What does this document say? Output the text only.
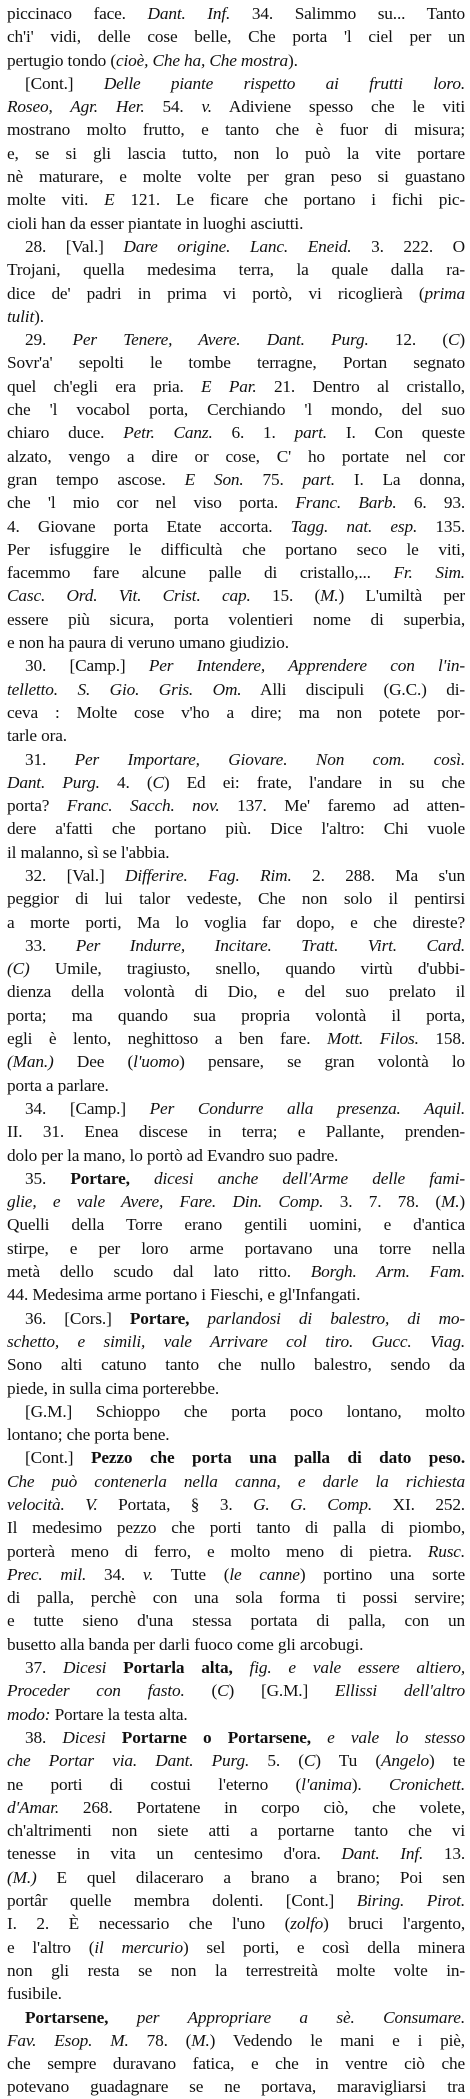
piccinaco face. Dant. Inf. 34. Salimmo su... Tanto
ch'i' vidi, delle cose belle, Che porta 'l ciel per un
pertugio tondo (cioè, Che ha, Che mostra).
[Cont.] Delle piante rispetto ai frutti loro.
Roseo, Agr. Her. 54. v. Adiviene spesso che le viti
mostrano molto frutto, e tanto che è fuor di misura;
e, se si gli lascia tutto, non lo può la vite portare
nè maturare, e molte volte per gran peso si guastano
molte viti. E 121. Le ficare che portano i fichi pic-
cioli han da esser piantate in luoghi asciutti.
28. [Val.] Dare origine. Lanc. Eneid. 3. 222. O
Trojani, quella medesima terra, la quale dalla ra-
dice de' padri in prima vi portò, vi ricoglierà (prima
tulit).
29. Per Tenere, Avere. Dant. Purg. 12. (C)
Sovr'a' sepolti le tombe terragne, Portan segnato
quel ch'egli era pria. E Par. 21. Dentro al cristallo,
che 'l vocabol porta, Cerchiando 'l mondo, del suo
chiaro duce. Petr. Canz. 6. 1. part. I. Con queste
alzato, vengo a dire or cose, C' ho portate nel cor
gran tempo ascose. E Son. 75. part. I. La donna,
che 'l mio cor nel viso porta. Franc. Barb. 6. 93.
4. Giovane porta Etate accorta. Tagg. nat. esp. 135.
Per isfuggire le difficultà che portano seco le viti,
facemmo fare alcune palle di cristallo,... Fr. Sim.
Casc. Ord. Vit. Crist. cap. 15. (M.) L'umiltà per
essere più sicura, porta volentieri nome di superbia,
e non ha paura di veruno umano giudizio.
30. [Camp.] Per Intendere, Apprendere con l'in-
telletto. S. Gio. Gris. Om. Alli discipuli (G.C.) di-
ceva : Molte cose v'ho a dire; ma non potete por-
tarle ora.
31. Per Importare, Giovare. Non com. così.
Dant. Purg. 4. (C) Ed ei: frate, l'andare in su che
porta? Franc. Sacch. nov. 137. Me' faremo ad atten-
dere a'fatti che portano più. Dice l'altro: Chi vuole
il malanno, sì se l'abbia.
32. [Val.] Differire. Fag. Rim. 2. 288. Ma s'un
peggior di lui talor vedeste, Che non solo il pentirsi
a morte porti, Ma lo voglia far dopo, e che direste?
33. Per Indurre, Incitare. Tratt. Virt. Card.
(C) Umile, tragiusto, snello, quando virtù d'ubbi-
dienza della volontà di Dio, e del suo prelato il
porta; ma quando sua propria volontà il porta,
egli è lento, neghittoso a ben fare. Mott. Filos. 158.
(Man.) Dee (l'uomo) pensare, se gran volontà lo
porta a parlare.
34. [Camp.] Per Condurre alla presenza. Aquil.
II. 31. Enea discese in terra; e Pallante, prenden-
dolo per la mano, lo portò ad Evandro suo padre.
35. Portare, dicesi anche dell'Arme delle fami-
glie, e vale Avere, Fare. Din. Comp. 3. 7. 78. (M.)
Quelli della Torre erano gentili uomini, e d'antica
stirpe, e per loro arme portavano una torre nella
metà dello scudo dal lato ritto. Borgh. Arm. Fam.
44. Medesima arme portano i Fieschi, e gl'Infangati.
36. [Cors.] Portare, parlandosi di balestro, di mo-
schetto, e simili, vale Arrivare col tiro. Gucc. Viag.
Sono alti catuno tanto che nullo balestro, sendo da
piede, in sulla cima porterebbe.
[G.M.] Schioppo che porta poco lontano, molto
lontano; che porta bene.
[Cont.] Pezzo che porta una palla di dato peso.
Che può contenerla nella canna, e darle la richiesta
velocità. V. Portata, § 3. G. G. Comp. XI. 252.
Il medesimo pezzo che porti tanto di palla di piombo,
porterà meno di ferro, e molto meno di pietra. Rusc.
Prec. mil. 34. v. Tutte (le canne) portino una sorte
di palla, perchè con una sola forma ti possi servire;
e tutte sieno d'una stessa portata di palla, con un
busetto alla banda per darli fuoco come gli arcobugi.
37. Dicesi Portarla alta, fig. e vale essere altiero,
Proceder con fasto. (C) [G.M.] Ellissi dell'altro
modo: Portare la testa alta.
38. Dicesi Portarne o Portarsene, e vale lo stesso
che Portar via. Dant. Purg. 5. (C) Tu (Angelo) te
ne porti di costui l'eterno (l'anima). Cronichett.
d'Amar. 268. Portatene in corpo ciò, che volete,
ch'altrimenti non siete atti a portarne tanto che vi
tenesse in vita un centesimo d'ora. Dant. Inf. 13.
(M.) E quel dilaceraro a brano a brano; Poi sen
portâr quelle membra dolenti. [Cont.] Biring. Pirot.
I. 2. È necessario che l'uno (zolfo) bruci l'argento,
e l'altro (il mercurio) sel porti, e così della minera
non gli resta se non la terrestreità molte volte in-
fusibile.
Portarsene, per Appropriare a sè. Consumare.
Fav. Esop. M. 78. (M.) Vedendo le mani e i piè,
che sempre duravano fatica, e che in ventre ciò che
potevano guadagnare se ne portava, maravigliarsi tra
